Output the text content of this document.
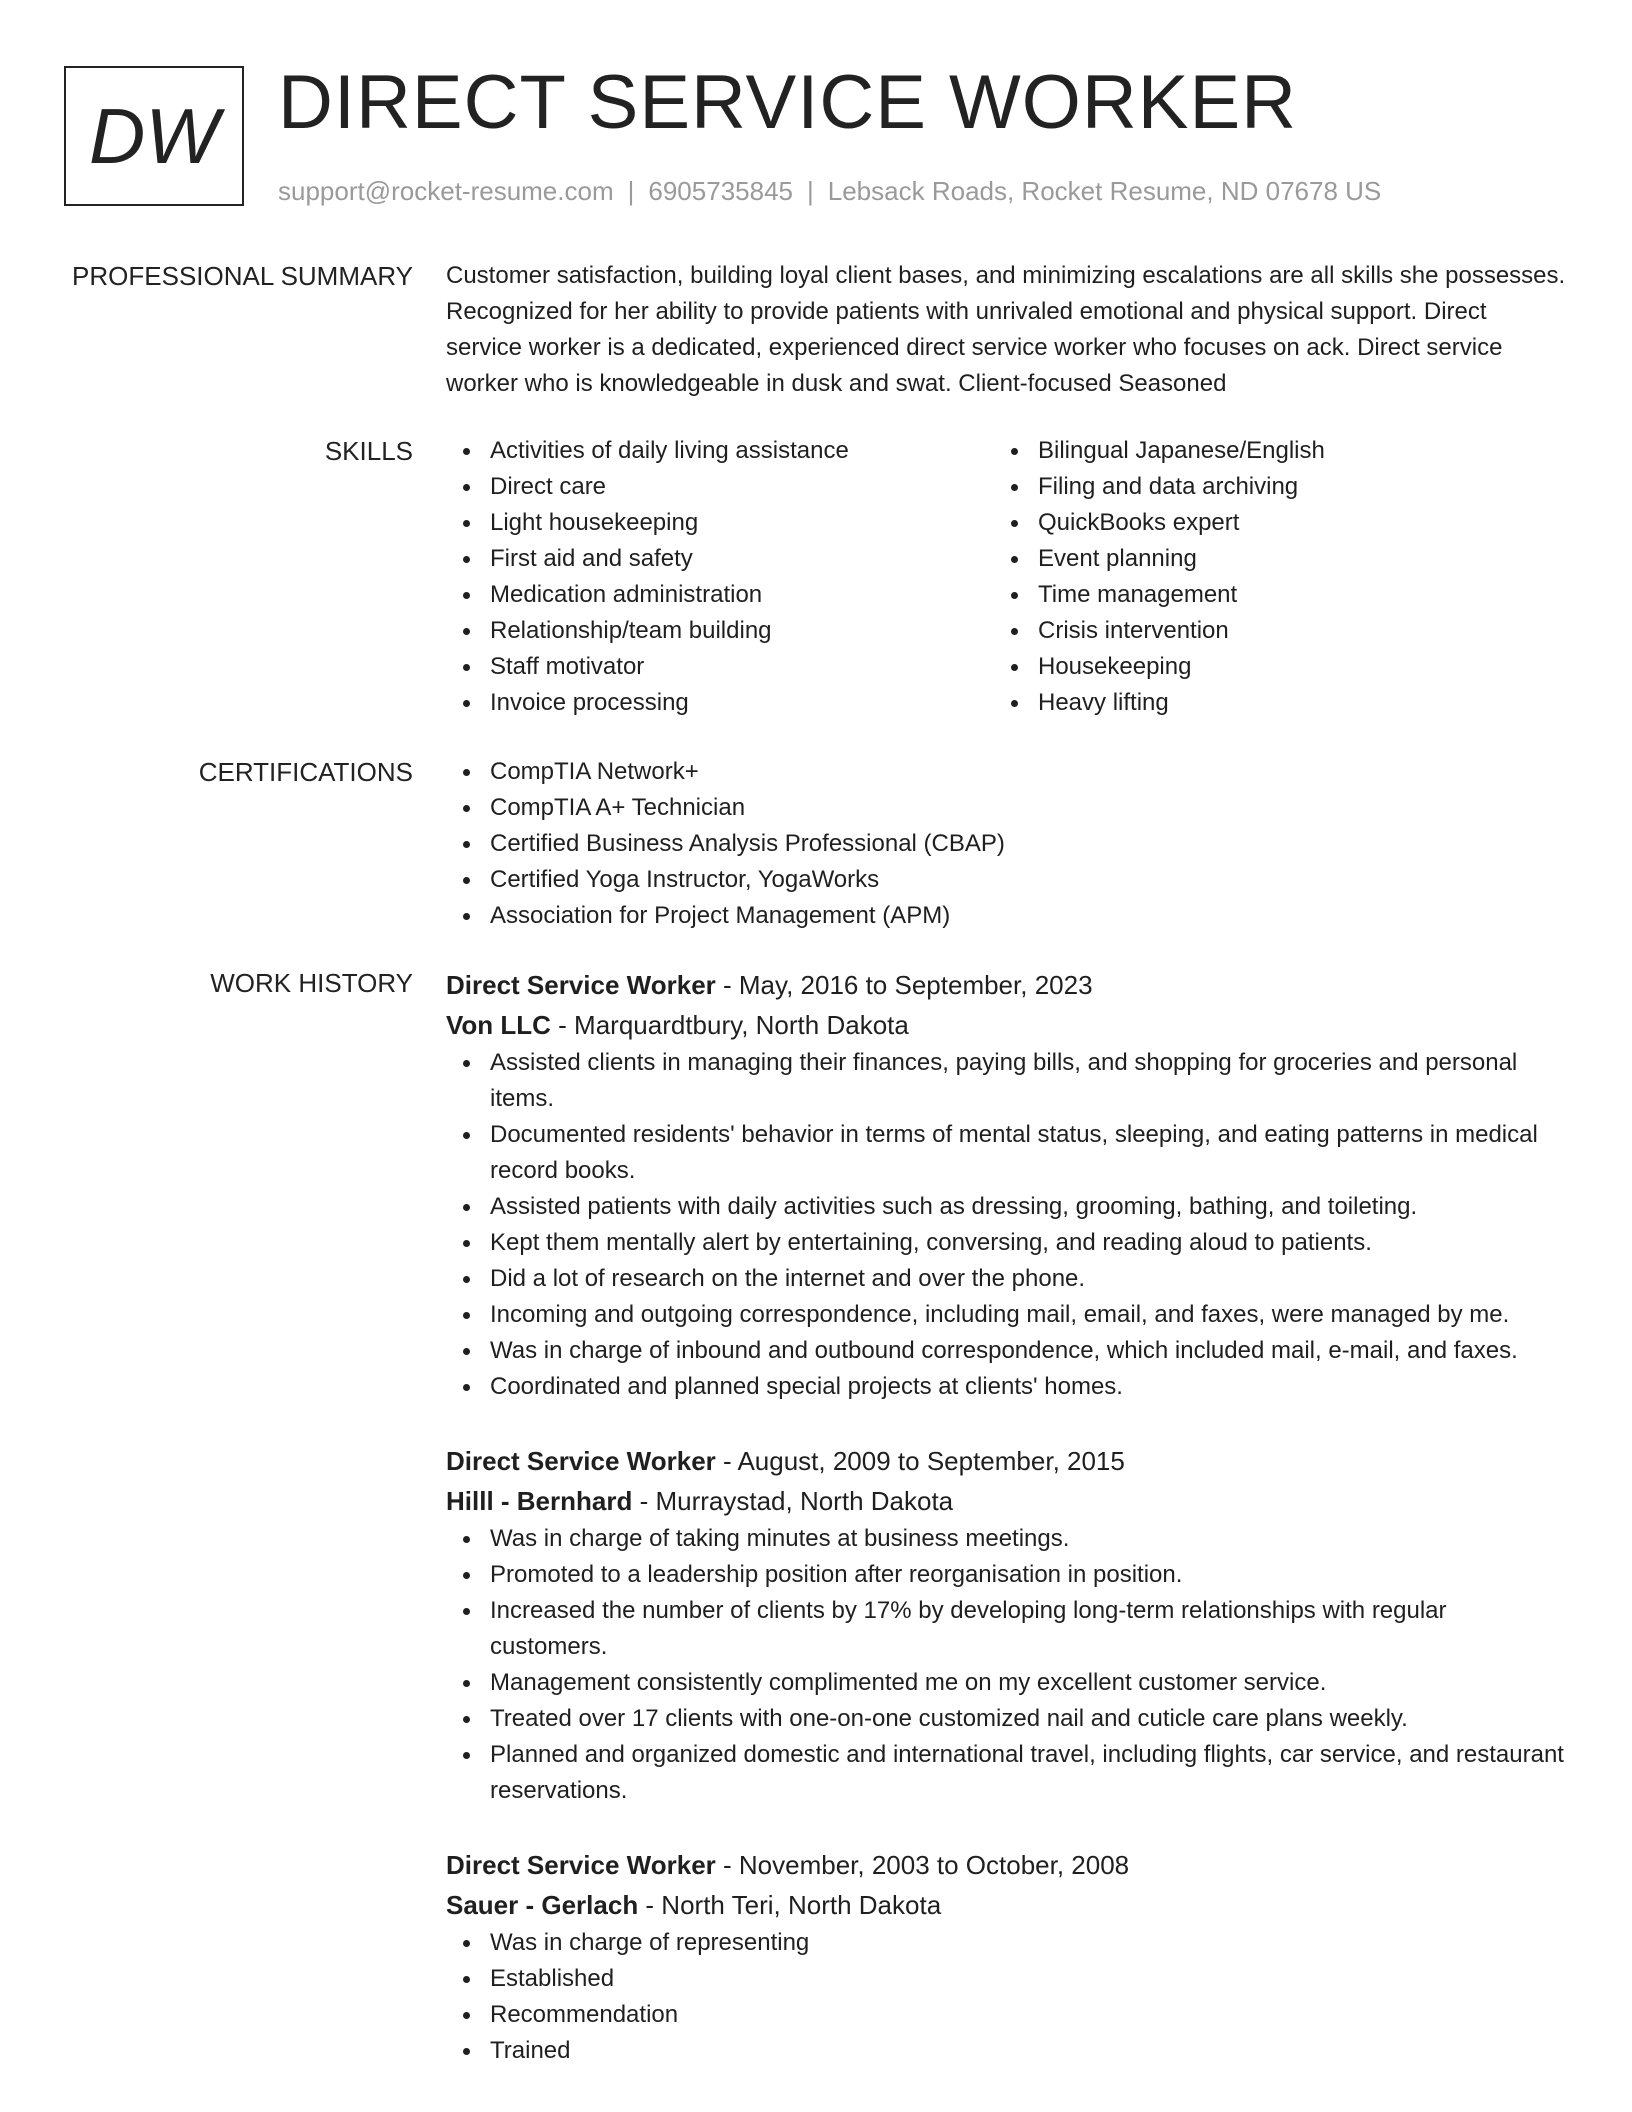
DW DIRECT SERVICE WORKER
support@rocket-resume.com | 6905735845 | Lebsack Roads, Rocket Resume, ND 07678 US
PROFESSIONAL SUMMARY Customer satisfaction, building loyal client bases, and minimizing escalations are all skills she possesses. Recognized for her ability to provide patients with unrivaled emotional and physical support. Direct service worker is a dedicated, experienced direct service worker who focuses on ack. Direct service worker who is knowledgeable in dusk and swat. Client-focused Seasoned

SKILLS	Activities of daily living assistance
Direct care
Light housekeeping
First aid and safety
Medication administration
Relationship/team building
Staff motivator
Invoice processing
Bilingual Japanese/English
Filing and data archiving
QuickBooks expert
Event planning
Time management
Crisis intervention
Housekeeping
Heavy lifting
CERTIFICATIONS	CompTIA Network+
CompTIA A+ Technician
Certified Business Analysis Professional (CBAP)
Certified Yoga Instructor, YogaWorks
Association for Project Management (APM)
WORK HISTORY Direct Service Worker - May, 2016 to September, 2023
Von LLC - Marquardtbury, North Dakota
Assisted clients in managing their finances, paying bills, and shopping for groceries and personal items.
Documented residents' behavior in terms of mental status, sleeping, and eating patterns in medical record books.
Assisted patients with daily activities such as dressing, grooming, bathing, and toileting.
Kept them mentally alert by entertaining, conversing, and reading aloud to patients.
Did a lot of research on the internet and over the phone.
Incoming and outgoing correspondence, including mail, email, and faxes, were managed by me.
Was in charge of inbound and outbound correspondence, which included mail, e-mail, and faxes.
Coordinated and planned special projects at clients' homes.
Direct Service Worker - August, 2009 to September, 2015
Hilll - Bernhard - Murraystad, North Dakota
Was in charge of taking minutes at business meetings.
Promoted to a leadership position after reorganisation in position.
Increased the number of clients by 17% by developing long-term relationships with regular customers.
Management consistently complimented me on my excellent customer service.
Treated over 17 clients with one-on-one customized nail and cuticle care plans weekly.
Planned and organized domestic and international travel, including flights, car service, and restaurant reservations.
Direct Service Worker - November, 2003 to October, 2008
Sauer - Gerlach - North Teri, North Dakota
Was in charge of representing
Established
Recommendation
Trained
